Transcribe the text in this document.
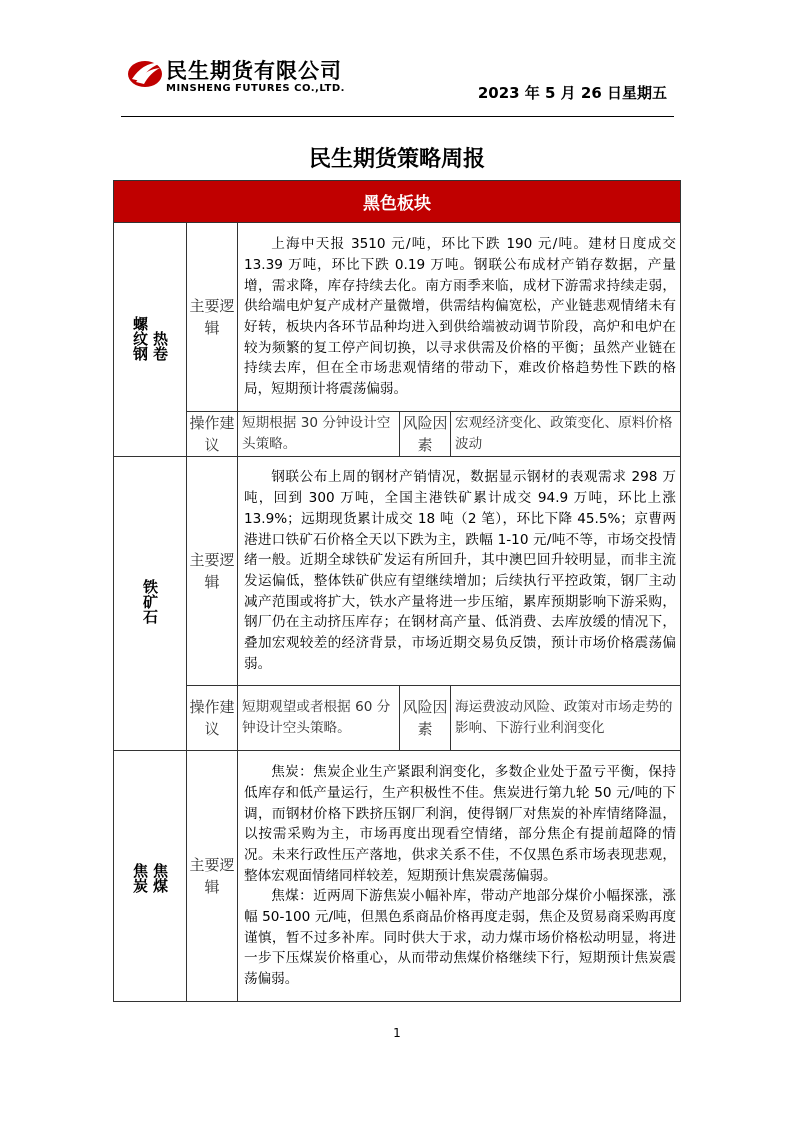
民生期货有限公司
MINSHENG FUTURES CO.,LTD.	2023 年 5 月 26 日星期五
民生期货策略周报
黑色板块				
螺纹钢 热卷	主要逻辑	上海中天报 3510 元/吨，环比下跌 190 元/吨。建材日度成交 13.39 万吨，环比下跌 0.19 万吨。钢联公布成材产销存数据，产量增，需求降，库存持续去化。南方雨季来临，成材下游需求持续走弱，供给端电炉复产成材产量微增，供需结构偏宽松，产业链悲观情绪未有好转，板块内各环节品种均进入到供给端被动调节阶段，高炉和电炉在较为频繁的复工停产间切换，以寻求供需及价格的平衡；虽然产业链在持续去库，但在全市场悲观情绪的带动下，难改价格趋势性下跌的格局，短期预计将震荡偏弱。		

	操作建议	短期根据 30 分钟设计空头策略。	风险因素	宏观经济变化、政策变化、原料价格波动
铁矿石	主要逻辑	钢联公布上周的钢材产销情况，数据显示钢材的表观需求 298 万吨，回到 300 万吨，全国主港铁矿累计成交 94.9 万吨，环比上涨 13.9%；远期现货累计成交 18 吨（2 笔），环比下降 45.5%；京曹两港进口铁矿石价格全天以下跌为主，跌幅 1-10 元/吨不等，市场交投情绪一般。近期全球铁矿发运有所回升，其中澳巴回升较明显，而非主流发运偏低，整体铁矿供应有望继续增加；后续执行平控政策，钢厂主动减产范围或将扩大，铁水产量将进一步压缩，累库预期影响下游采购，钢厂仍在主动挤压库存；在钢材高产量、低消费、去库放缓的情况下，叠加宏观较差的经济背景，市场近期交易负反馈，预计市场价格震荡偏弱。		

	操作建议	短期观望或者根据 60 分钟设计空头策略。	风险因素	海运费波动风险、政策对市场走势的影响、下游行业利润变化
焦炭 焦煤	主要逻辑	焦炭：焦炭企业生产紧跟利润变化，多数企业处于盈亏平衡，保持低库存和低产量运行，生产积极性不佳。焦炭进行第九轮 50 元/吨的下调，而钢材价格下跌挤压钢厂利润，使得钢厂对焦炭的补库情绪降温，以按需采购为主，市场再度出现看空情绪，部分焦企有提前超降的情况。未来行政性压产落地，供求关系不佳，不仅黑色系市场表现悲观，整体宏观面情绪同样较差，短期预计焦炭震荡偏弱。

焦煤：近两周下游焦炭小幅补库，带动产地部分煤价小幅探涨，涨幅 50-100 元/吨，但黑色系商品价格再度走弱，焦企及贸易商采购再度谨慎，暂不过多补库。同时供大于求，动力煤市场价格松动明显，将进一步下压煤炭价格重心，从而带动焦煤价格继续下行，短期预计焦炭震荡偏弱。		

1
